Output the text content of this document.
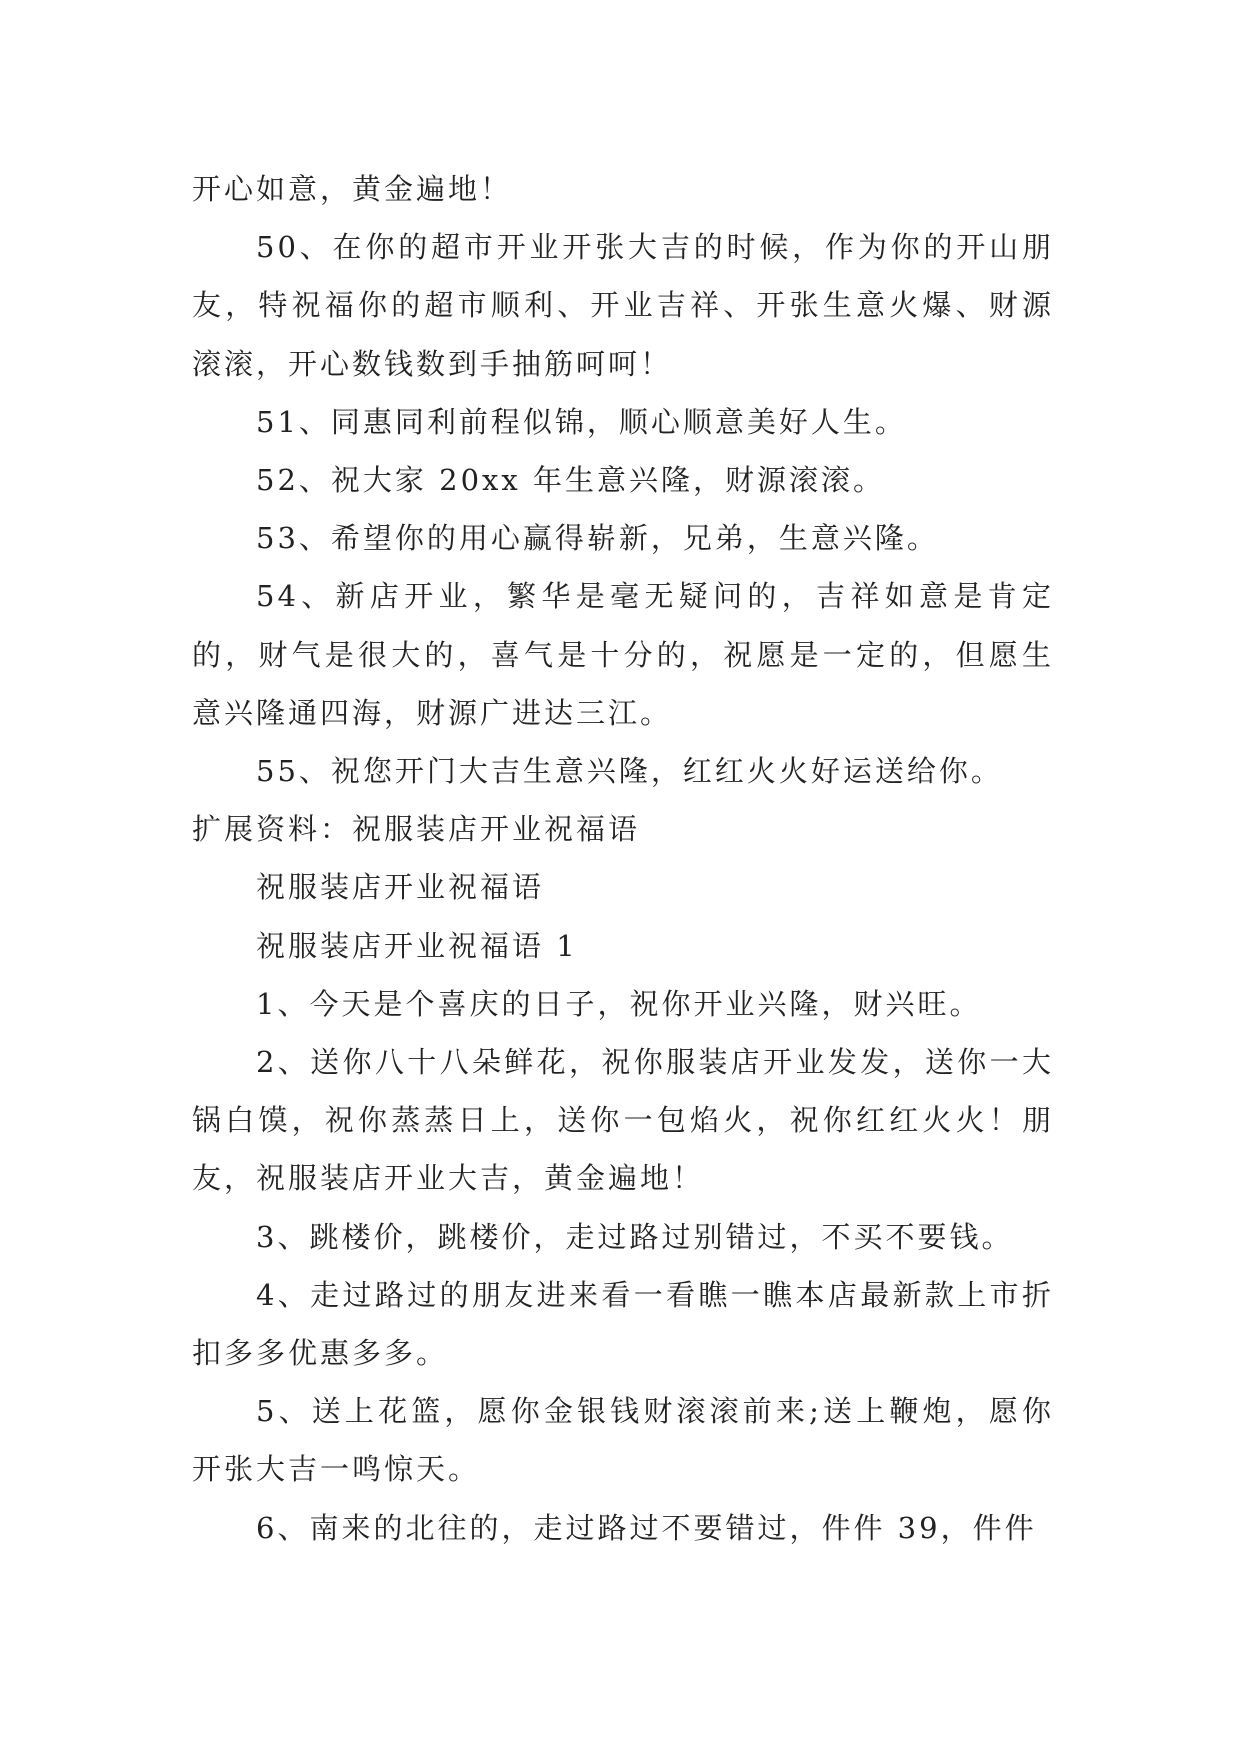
开心如意，黄金遍地！

50、在你的超市开业开张大吉的时候，作为你的开山朋友，特祝福你的超市顺利、开业吉祥、开张生意火爆、财源滚滚，开心数钱数到手抽筋呵呵！

51、同惠同利前程似锦，顺心顺意美好人生。

52、祝大家 20xx 年生意兴隆，财源滚滚。

53、希望你的用心赢得崭新，兄弟，生意兴隆。

54、新店开业，繁华是毫无疑问的，吉祥如意是肯定的，财气是很大的，喜气是十分的，祝愿是一定的，但愿生意兴隆通四海，财源广进达三江。

55、祝您开门大吉生意兴隆，红红火火好运送给你。

扩展资料：祝服装店开业祝福语

祝服装店开业祝福语

祝服装店开业祝福语 1

1、今天是个喜庆的日子，祝你开业兴隆，财兴旺。

2、送你八十八朵鲜花，祝你服装店开业发发，送你一大锅白馍，祝你蒸蒸日上，送你一包焰火，祝你红红火火！朋友，祝服装店开业大吉，黄金遍地！

3、跳楼价，跳楼价，走过路过别错过，不买不要钱。

4、走过路过的朋友进来看一看瞧一瞧本店最新款上市折扣多多优惠多多。

5、送上花篮，愿你金银钱财滚滚前来;送上鞭炮，愿你开张大吉一鸣惊天。

6、南来的北往的，走过路过不要错过，件件 39，件件
